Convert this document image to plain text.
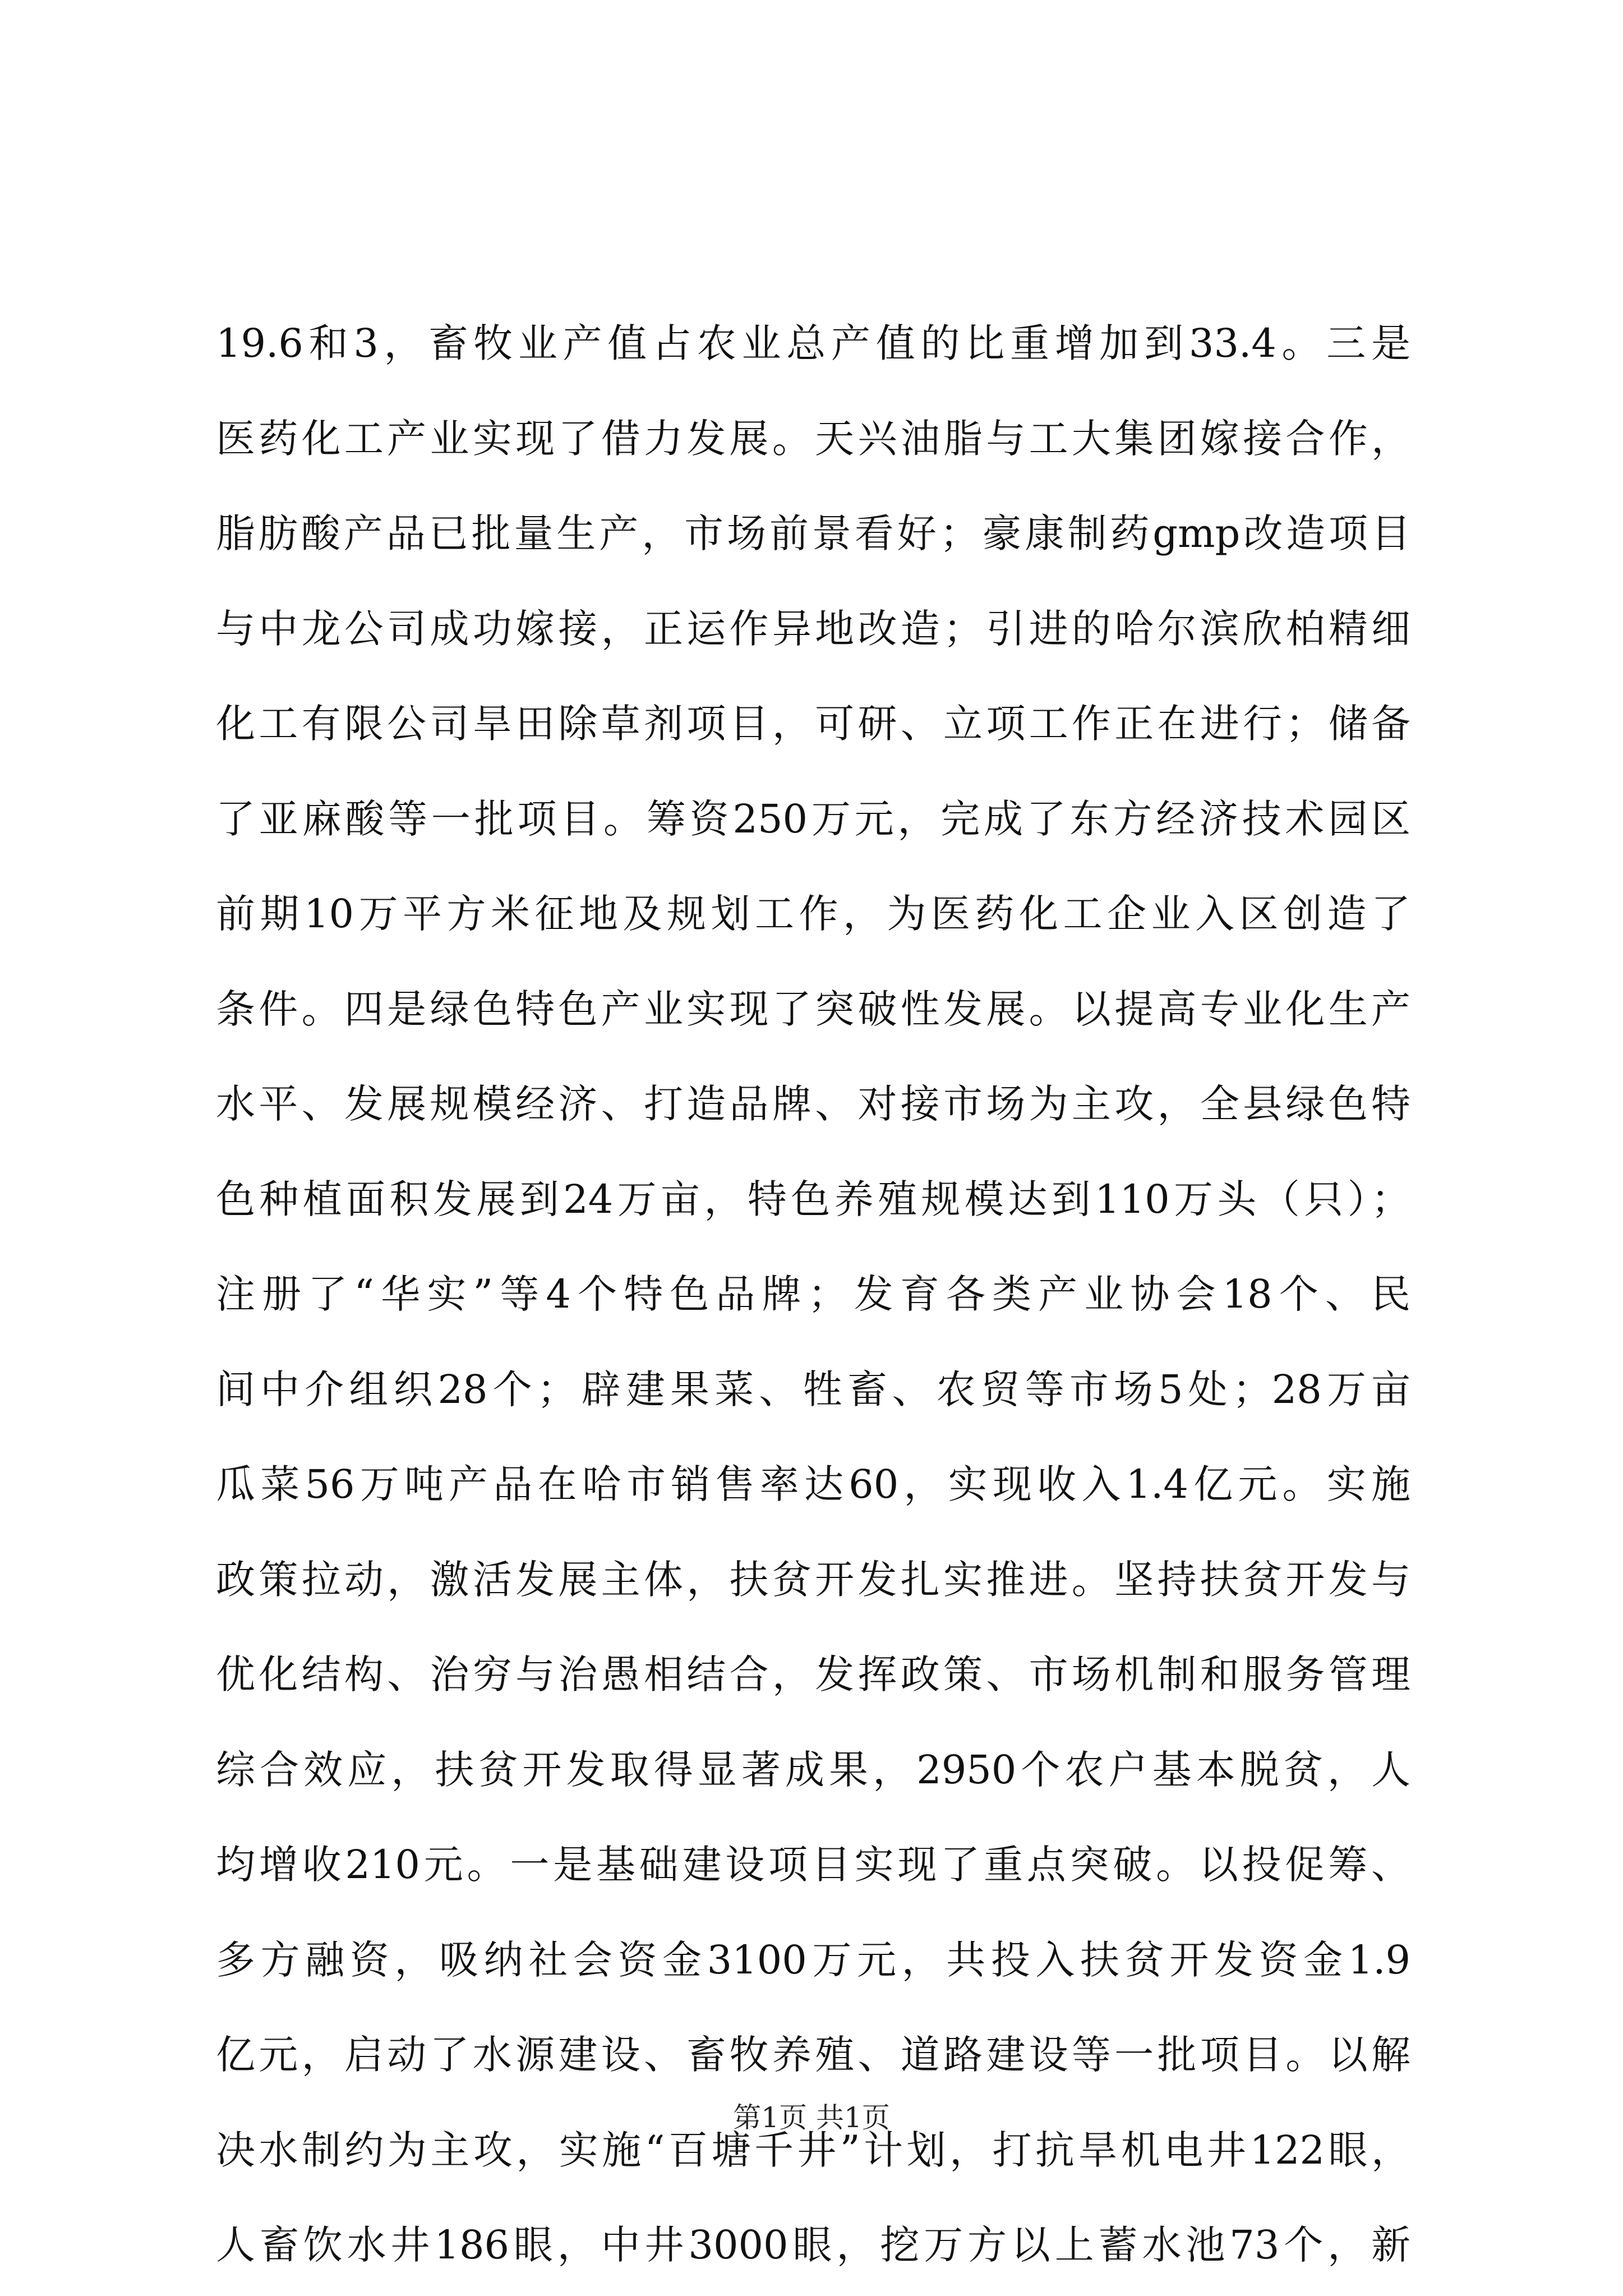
19.6和3，畜牧业产值占农业总产值的比重增加到33.4。三是
医药化工产业实现了借力发展。天兴油脂与工大集团嫁接合作，
脂肪酸产品已批量生产，市场前景看好；豪康制药gmp改造项目
与中龙公司成功嫁接，正运作异地改造；引进的哈尔滨欣柏精细
化工有限公司旱田除草剂项目，可研、立项工作正在进行；储备
了亚麻酸等一批项目。筹资250万元，完成了东方经济技术园区
前期10万平方米征地及规划工作，为医药化工企业入区创造了
条件。四是绿色特色产业实现了突破性发展。以提高专业化生产
水平、发展规模经济、打造品牌、对接市场为主攻，全县绿色特
色种植面积发展到24万亩，特色养殖规模达到110万头（只）；
注册了“华实”等4个特色品牌；发育各类产业协会18个、民
间中介组织28个；辟建果菜、牲畜、农贸等市场5处；28万亩
瓜菜56万吨产品在哈市销售率达60，实现收入1.4亿元。实施
政策拉动，激活发展主体，扶贫开发扎实推进。坚持扶贫开发与
优化结构、治穷与治愚相结合，发挥政策、市场机制和服务管理
综合效应，扶贫开发取得显著成果，2950个农户基本脱贫，人
均增收210元。一是基础建设项目实现了重点突破。以投促筹、
多方融资，吸纳社会资金3100万元，共投入扶贫开发资金1.9
亿元，启动了水源建设、畜牧养殖、道路建设等一批项目。以解
决水制约为主攻，实施“百塘千井”计划，打抗旱机电井122眼，
人畜饮水井186眼，中井3000眼，挖万方以上蓄水池73个，新
第1页 共1页
